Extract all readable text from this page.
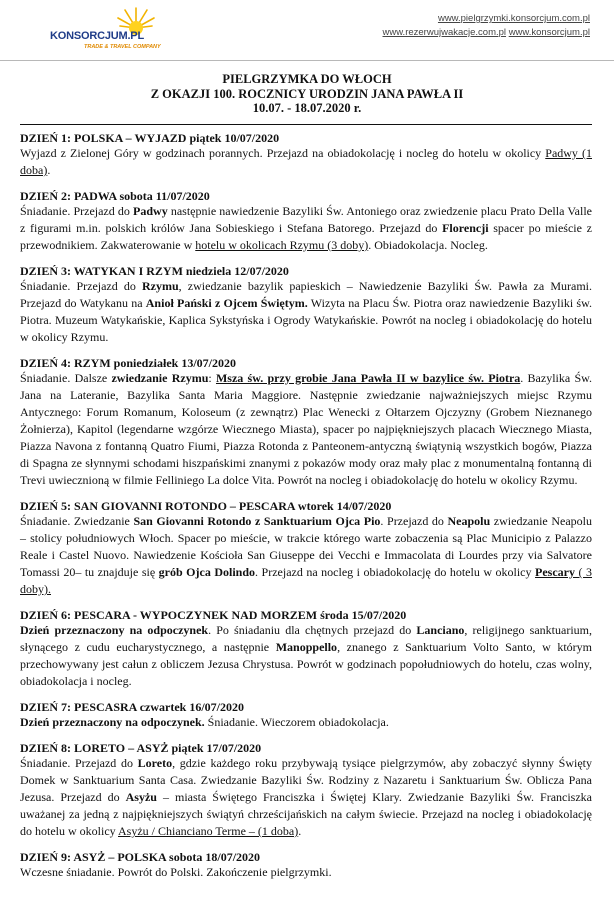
KONSORCJUM.PL
TRADE & TRAVEL COMPANY
www.pielgrzymki.konsorcjum.com.pl
www.rezerwujwakacje.com.pl www.konsorcjum.pl
PIELGRZYMKA DO WŁOCH
Z OKAZJI 100. ROCZNICY URODZIN JANA PAWŁA II
10.07. - 18.07.2020 r.
DZIEŃ 1: POLSKA – WYJAZD piątek 10/07/2020

Wyjazd z Zielonej Góry w godzinach porannych. Przejazd na obiadokolację i nocleg do hotelu w okolicy Padwy (1 doba).

DZIEŃ 2: PADWA sobota 11/07/2020

Śniadanie. Przejazd do Padwy następnie nawiedzenie Bazyliki Św. Antoniego oraz zwiedzenie placu Prato Della Valle z figurami m.in. polskich królów Jana Sobieskiego i Stefana Batorego. Przejazd do Florencji spacer po mieście z przewodnikiem. Zakwaterowanie w hotelu w okolicach Rzymu (3 doby). Obiadokolacja. Nocleg.

DZIEŃ 3: WATYKAN I RZYM niedziela 12/07/2020

Śniadanie. Przejazd do Rzymu, zwiedzanie bazylik papieskich – Nawiedzenie Bazyliki Św. Pawła za Murami. Przejazd do Watykanu na Anioł Pański z Ojcem Świętym. Wizyta na Placu Św. Piotra oraz nawiedzenie Bazyliki św. Piotra. Muzeum Watykańskie, Kaplica Sykstyńska i Ogrody Watykańskie. Powrót na nocleg i obiadokolację do hotelu w okolicy Rzymu.

DZIEŃ 4: RZYM poniedziałek 13/07/2020

Śniadanie. Dalsze zwiedzanie Rzymu: Msza św. przy grobie Jana Pawła II w bazylice św. Piotra. Bazylika Św. Jana na Lateranie, Bazylika Santa Maria Maggiore. Następnie zwiedzanie najważniejszych miejsc Rzymu Antycznego: Forum Romanum, Koloseum (z zewnątrz) Plac Wenecki z Ołtarzem Ojczyzny (Grobem Nieznanego Żołnierza), Kapitol (legendarne wzgórze Wiecznego Miasta), spacer po najpiękniejszych placach Wiecznego Miasta, Piazza Navona z fontanną Quatro Fiumi, Piazza Rotonda z Panteonem-antyczną świątynią wszystkich bogów, Piazza di Spagna ze słynnymi schodami hiszpańskimi znanymi z pokazów mody oraz mały plac z monumentalną fontanną di Trevi uwiecznioną w filmie Felliniego La dolce Vita. Powrót na nocleg i obiadokolację do hotelu w okolicy Rzymu.

DZIEŃ 5: SAN GIOVANNI ROTONDO – PESCARA wtorek 14/07/2020

Śniadanie. Zwiedzanie San Giovanni Rotondo z Sanktuarium Ojca Pio. Przejazd do Neapolu zwiedzanie Neapolu – stolicy południowych Włoch. Spacer po mieście, w trakcie którego warte zobaczenia są Plac Municipio z Palazzo Reale i Castel Nuovo. Nawiedzenie Kościoła San Giuseppe dei Vecchi e Immacolata di Lourdes przy via Salvatore Tomassi 20– tu znajduje się grób Ojca Dolindo. Przejazd na nocleg i obiadokolację do hotelu w okolicy Pescary ( 3 doby).

DZIEŃ 6: PESCARA - WYPOCZYNEK NAD MORZEM środa 15/07/2020

Dzień przeznaczony na odpoczynek. Po śniadaniu dla chętnych przejazd do Lanciano, religijnego sanktuarium, słynącego z cudu eucharystycznego, a następnie Manoppello, znanego z Sanktuarium Volto Santo, w którym przechowywany jest całun z obliczem Jezusa Chrystusa. Powrót w godzinach popołudniowych do hotelu, czas wolny, obiadokolacja i nocleg.

DZIEŃ 7: PESCASRA czwartek 16/07/2020

Dzień przeznaczony na odpoczynek. Śniadanie. Wieczorem obiadokolacja.

DZIEŃ 8: LORETO – ASYŻ piątek 17/07/2020

Śniadanie. Przejazd do Loreto, gdzie każdego roku przybywają tysiące pielgrzymów, aby zobaczyć słynny Święty Domek w Sanktuarium Santa Casa. Zwiedzanie Bazyliki Św. Rodziny z Nazaretu i Sanktuarium Św. Oblicza Pana Jezusa. Przejazd do Asyżu – miasta Świętego Franciszka i Świętej Klary. Zwiedzanie Bazyliki Św. Franciszka uważanej za jedną z najpiękniejszych świątyń chrześcijańskich na całym świecie. Przejazd na nocleg i obiadokolację do hotelu w okolicy Asyżu / Chianciano Terme – (1 doba).

DZIEŃ 9: ASYŻ – POLSKA sobota 18/07/2020

Wczesne śniadanie. Powrót do Polski. Zakończenie pielgrzymki.
